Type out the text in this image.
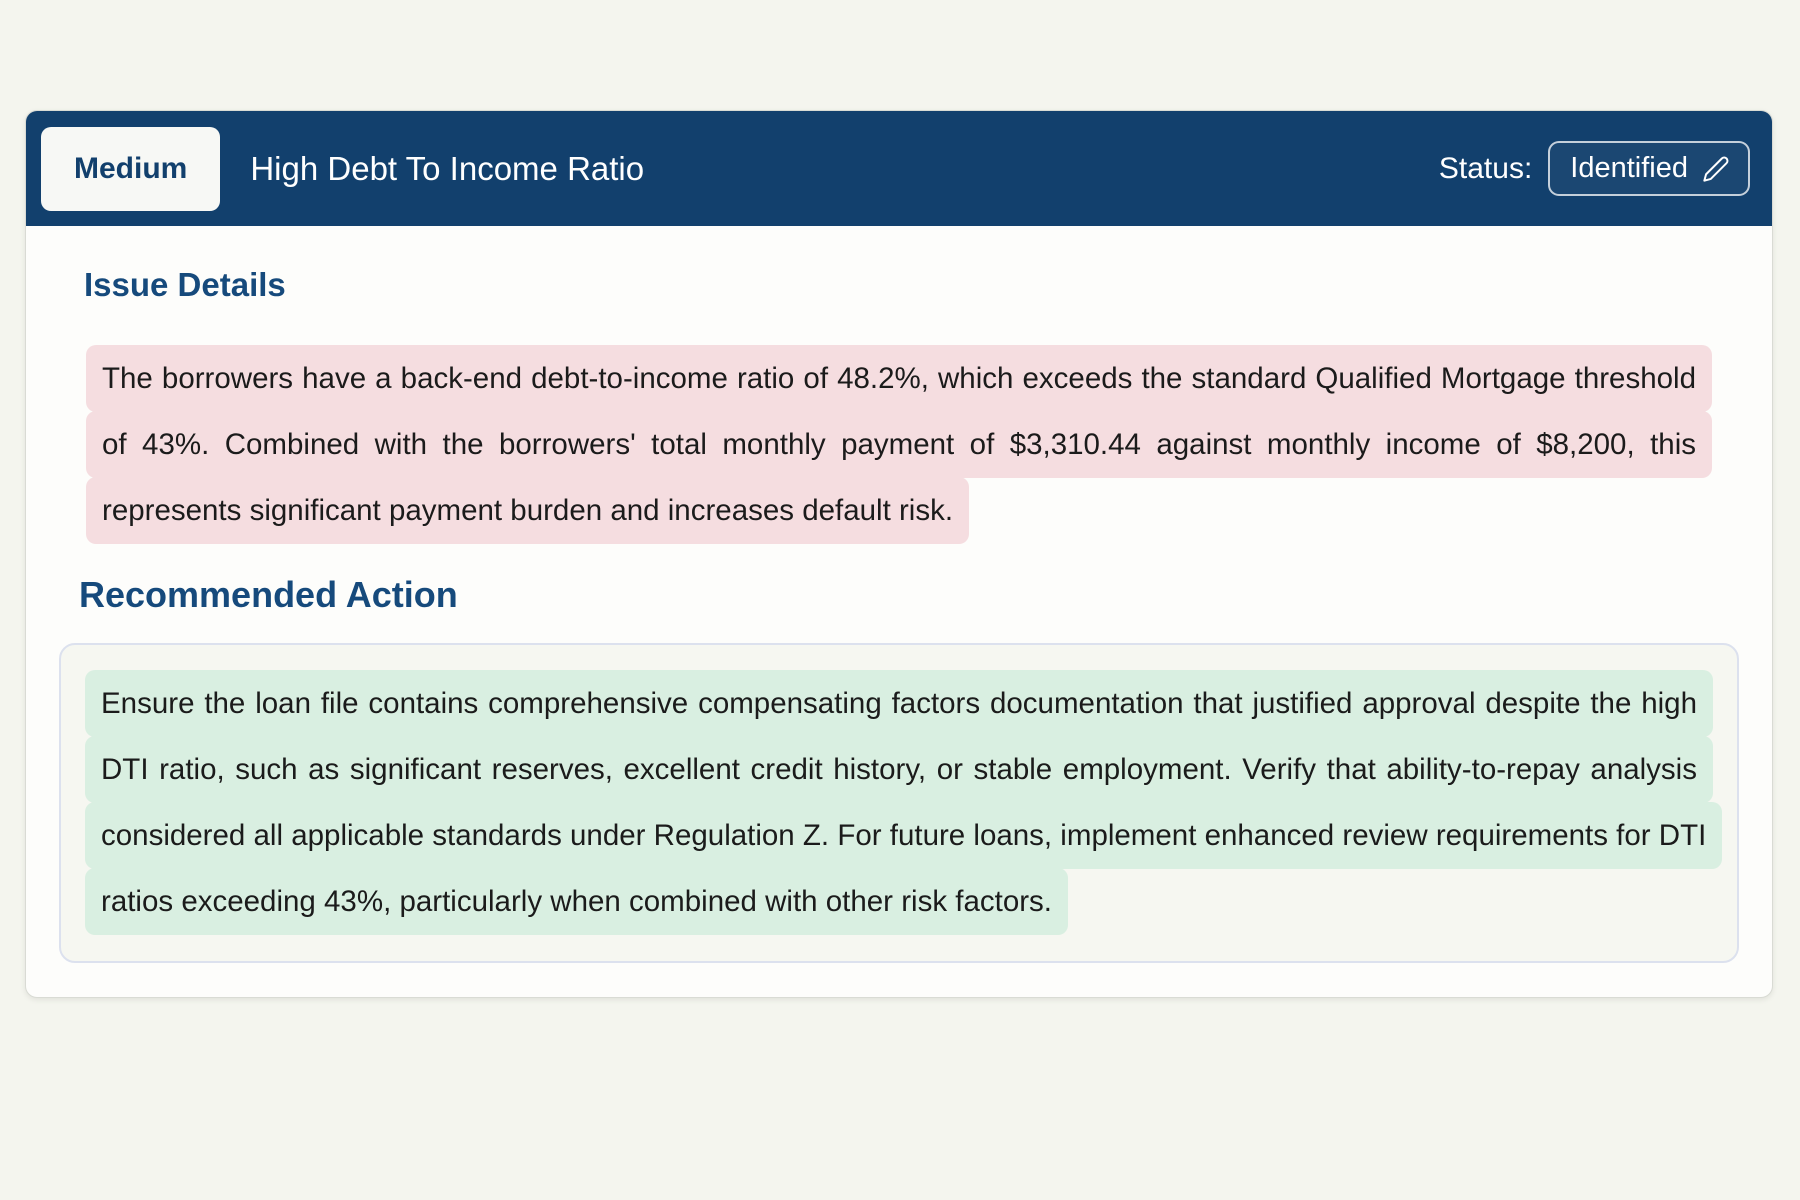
Medium	High Debt To Income Ratio	Status: Identified
Issue Details

The borrowers have a back-end debt-to-income ratio of 48.2%, which exceeds the standard Qualified Mortgage threshold of 43%. Combined with the borrowers' total monthly payment of $3,310.44 against monthly income of $8,200, this represents significant payment burden and increases default risk.

Recommended Action

Ensure the loan file contains comprehensive compensating factors documentation that justified approval despite the high DTI ratio, such as significant reserves, excellent credit history, or stable employment. Verify that ability-to-repay analysis considered all applicable standards under Regulation Z. For future loans, implement enhanced review requirements for DTI ratios exceeding 43%, particularly when combined with other risk factors.
